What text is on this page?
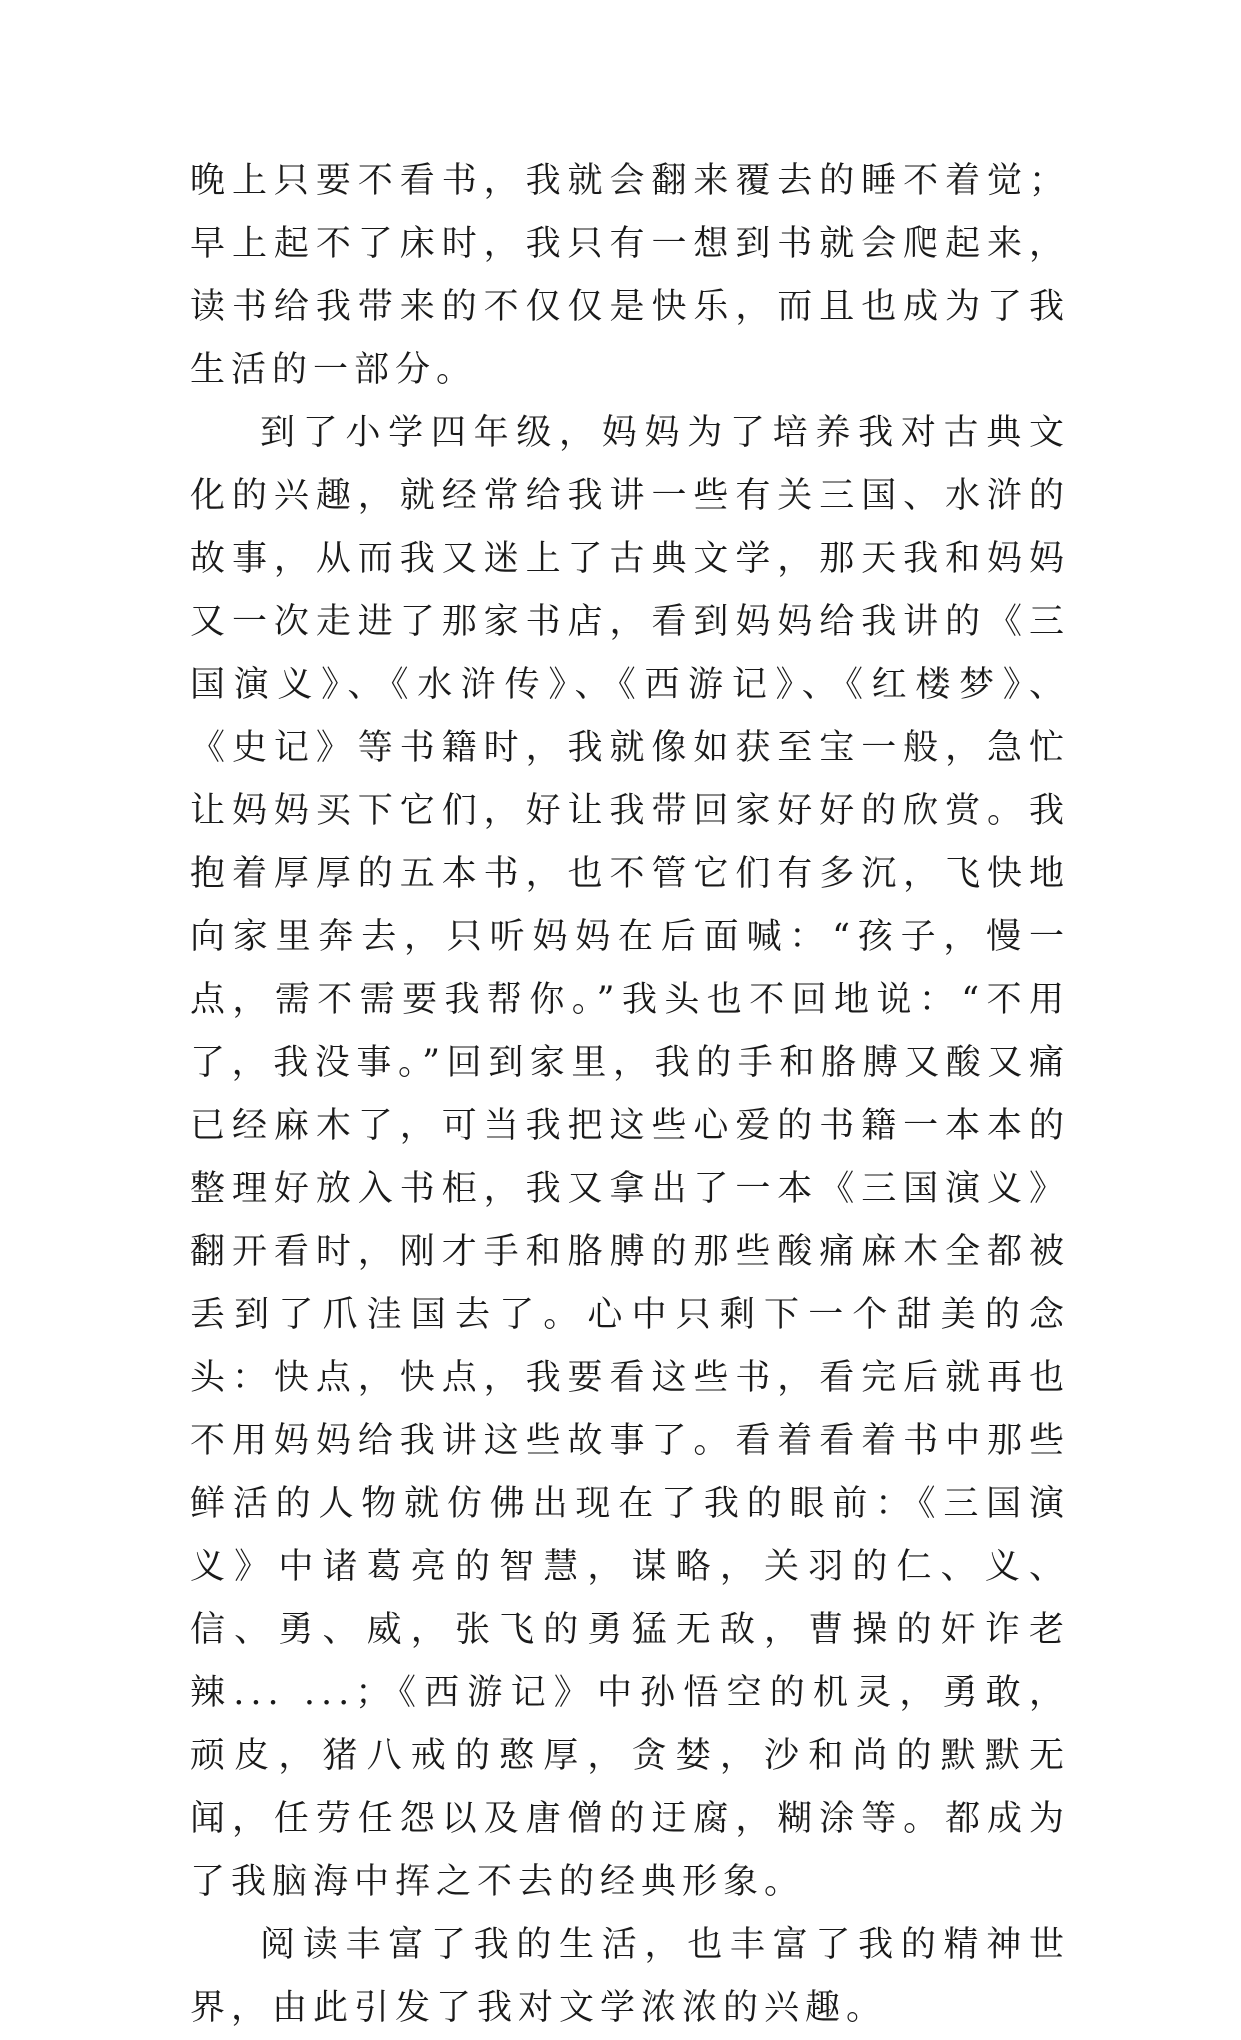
晚上只要不看书，我就会翻来覆去的睡不着觉；早上起不了床时，我只有一想到书就会爬起来，读书给我带来的不仅仅是快乐，而且也成为了我生活的一部分。

到了小学四年级，妈妈为了培养我对古典文化的兴趣，就经常给我讲一些有关三国、水浒的故事，从而我又迷上了古典文学，那天我和妈妈又一次走进了那家书店，看到妈妈给我讲的《三国演义》、《水浒传》、《西游记》、《红楼梦》、《史记》等书籍时，我就像如获至宝一般，急忙让妈妈买下它们，好让我带回家好好的欣赏。我抱着厚厚的五本书，也不管它们有多沉，飞快地向家里奔去，只听妈妈在后面喊：“孩子，慢一点，需不需要我帮你。”我头也不回地说：“不用了，我没事。”回到家里，我的手和胳膊又酸又痛已经麻木了，可当我把这些心爱的书籍一本本的整理好放入书柜，我又拿出了一本《三国演义》翻开看时，刚才手和胳膊的那些酸痛麻木全都被丢到了爪洼国去了。心中只剩下一个甜美的念头：快点，快点，我要看这些书，看完后就再也不用妈妈给我讲这些故事了。看着看着书中那些鲜活的人物就仿佛出现在了我的眼前：《三国演义》中诸葛亮的智慧，谋略，关羽的仁、义、信、勇、威，张飞的勇猛无敌，曹操的奸诈老辣... ...；《西游记》中孙悟空的机灵，勇敢，顽皮，猪八戒的憨厚，贪婪，沙和尚的默默无闻，任劳任怨以及唐僧的迂腐，糊涂等。都成为了我脑海中挥之不去的经典形象。

阅读丰富了我的生活，也丰富了我的精神世界，由此引发了我对文学浓浓的兴趣。
